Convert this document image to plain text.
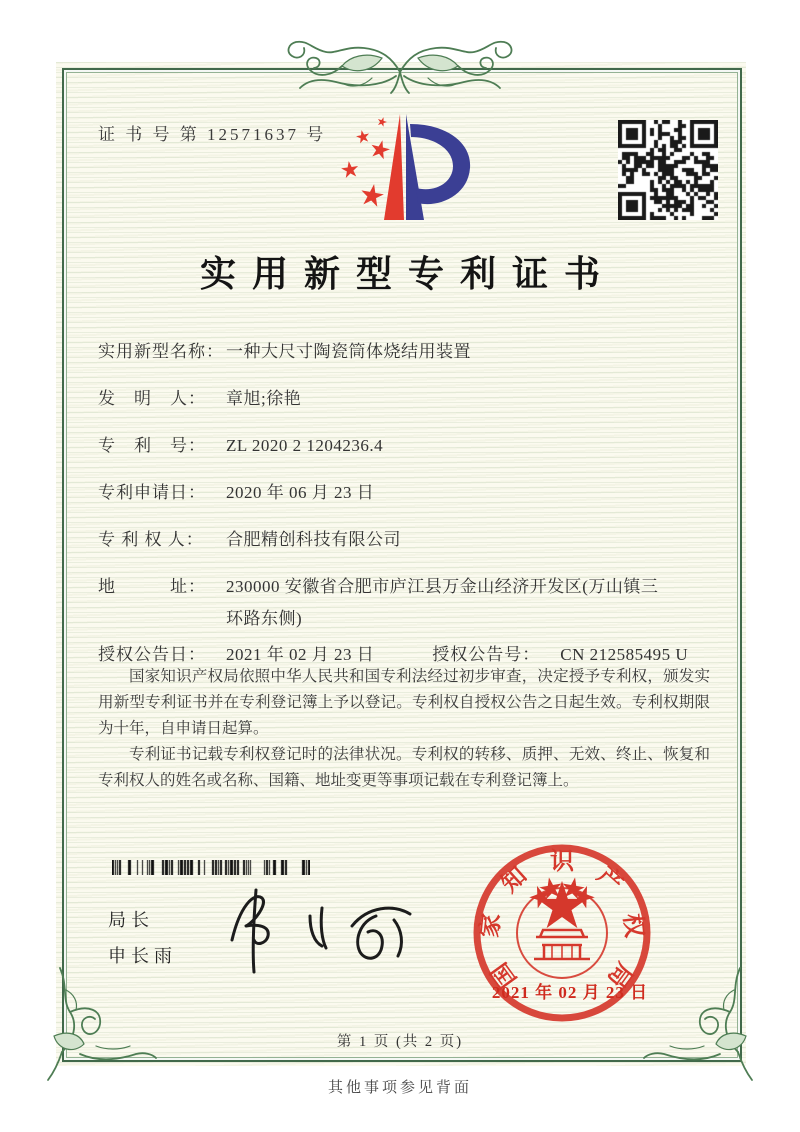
证 书 号 第 12571637 号
实用新型专利证书
实用新型名称： 一种大尺寸陶瓷筒体烧结用装置
发　明　人：	章旭;徐艳
专　利　号：	ZL 2020 2 1204236.4
专利申请日：	2020 年 06 月 23 日
专 利 权 人：	合肥精创科技有限公司
地　　　址：	230000 安徽省合肥市庐江县万金山经济开发区(万山镇三
环路东侧)
授权公告日：	2021 年 02 月 23 日	授权公告号：	CN 212585495 U

国家知识产权局依照中华人民共和国专利法经过初步审查，决定授予专利权，颁发实用新型专利证书并在专利登记簿上予以登记。专利权自授权公告之日起生效。专利权期限为十年，自申请日起算。

专利证书记载专利权登记时的法律状况。专利权的转移、质押、无效、终止、恢复和专利权人的姓名或名称、国籍、地址变更等事项记载在专利登记簿上。

局长
申长雨
国
家
知
识
产
权
局
2021 年 02 月 23 日
第 1 页 (共 2 页)
其他事项参见背面
